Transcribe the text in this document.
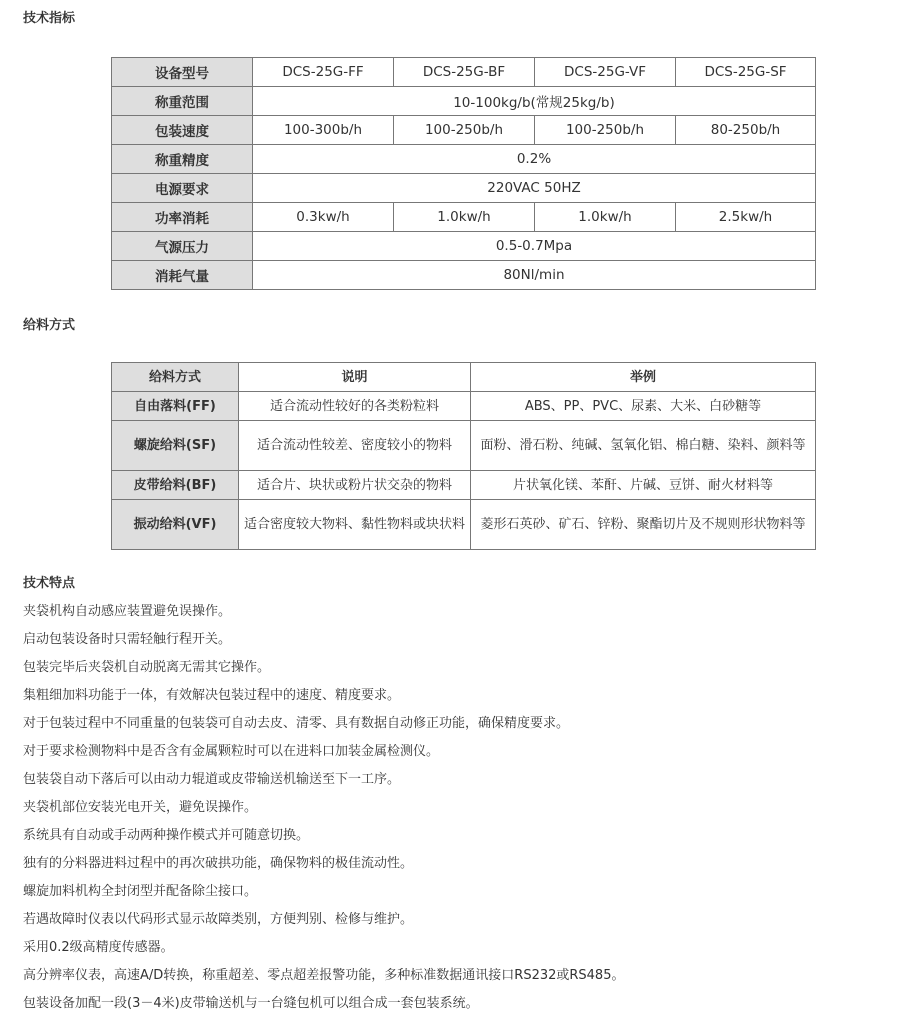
技术指标
设备型号	DCS-25G-FF	DCS-25G-BF	DCS-25G-VF	DCS-25G-SF
称重范围	10-100kg/b(常规25kg/b)			
包装速度	100-300b/h	100-250b/h	100-250b/h	80-250b/h
称重精度	0.2%			
电源要求	220VAC 50HZ			
功率消耗	0.3kw/h	1.0kw/h	1.0kw/h	2.5kw/h
气源压力	0.5-0.7Mpa			
消耗气量	80Nl/min			
给料方式
给料方式	说明	举例
自由落料(FF)	适合流动性较好的各类粉粒料	ABS、PP、PVC、尿素、大米、白砂糖等
螺旋给料(SF)	适合流动性较差、密度较小的物料	面粉、滑石粉、纯碱、氢氧化铝、棉白糖、染料、颜料等
皮带给料(BF)	适合片、块状或粉片状交杂的物料	片状氧化镁、苯酐、片碱、豆饼、耐火材料等
振动给料(VF)	适合密度较大物料、黏性物料或块状料	菱形石英砂、矿石、锌粉、聚酯切片及不规则形状物料等
技术特点
夹袋机构自动感应装置避免误操作。
启动包装设备时只需轻触行程开关。
包装完毕后夹袋机自动脱离无需其它操作。
集粗细加料功能于一体，有效解决包装过程中的速度、精度要求。
对于包装过程中不同重量的包装袋可自动去皮、清零、具有数据自动修正功能，确保精度要求。
对于要求检测物料中是否含有金属颗粒时可以在进料口加装金属检测仪。
包装袋自动下落后可以由动力辊道或皮带输送机输送至下一工序。
夹袋机部位安装光电开关，避免误操作。
系统具有自动或手动两种操作模式并可随意切换。
独有的分料器进料过程中的再次破拱功能，确保物料的极佳流动性。
螺旋加料机构全封闭型并配备除尘接口。
若遇故障时仪表以代码形式显示故障类别，方便判别、检修与维护。
采用0.2级高精度传感器。
高分辨率仪表，高速A/D转换，称重超差、零点超差报警功能，多种标准数据通讯接口RS232或RS485。
包装设备加配一段(3－4米)皮带输送机与一台缝包机可以组合成一套包装系统。
